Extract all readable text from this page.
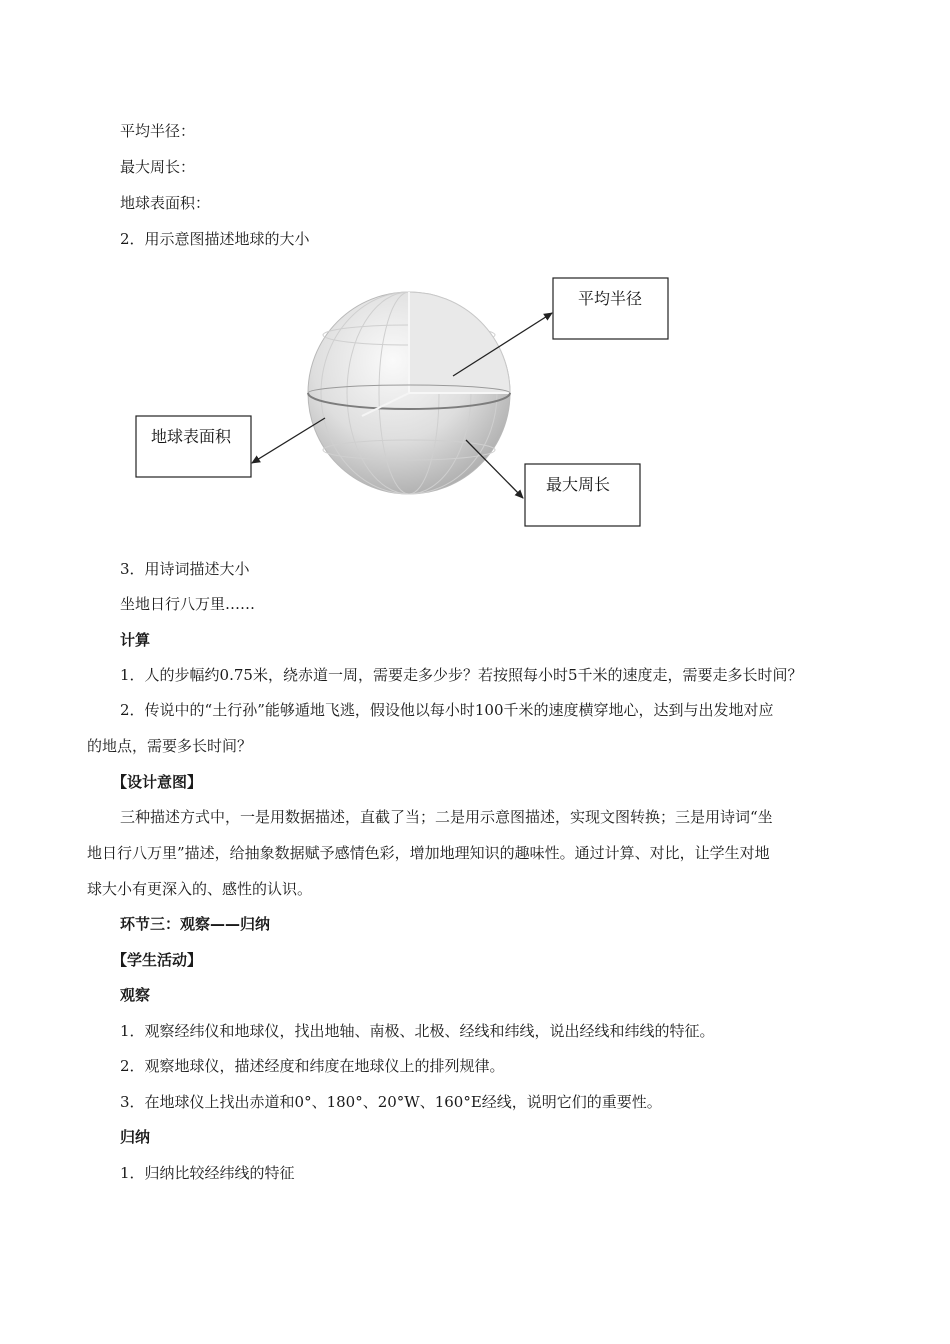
平均半径：
最大周长：
地球表面积：
2．用示意图描述地球的大小
平均半径
地球表面积
最大周长
3．用诗词描述大小
坐地日行八万里……
计算
1．人的步幅约0.75米，绕赤道一周，需要走多少步？若按照每小时5千米的速度走，需要走多长时间？
2．传说中的“土行孙”能够遁地飞逃，假设他以每小时100千米的速度横穿地心，达到与出发地对应
的地点，需要多长时间？
【设计意图】
三种描述方式中，一是用数据描述，直截了当；二是用示意图描述，实现文图转换；三是用诗词“坐
地日行八万里”描述，给抽象数据赋予感情色彩，增加地理知识的趣味性。通过计算、对比，让学生对地
球大小有更深入的、感性的认识。
环节三：观察——归纳
【学生活动】
观察
1．观察经纬仪和地球仪，找出地轴、南极、北极、经线和纬线，说出经线和纬线的特征。
2．观察地球仪，描述经度和纬度在地球仪上的排列规律。
3．在地球仪上找出赤道和0°、180°、20°W、160°E经线，说明它们的重要性。
归纳
1．归纳比较经纬线的特征
